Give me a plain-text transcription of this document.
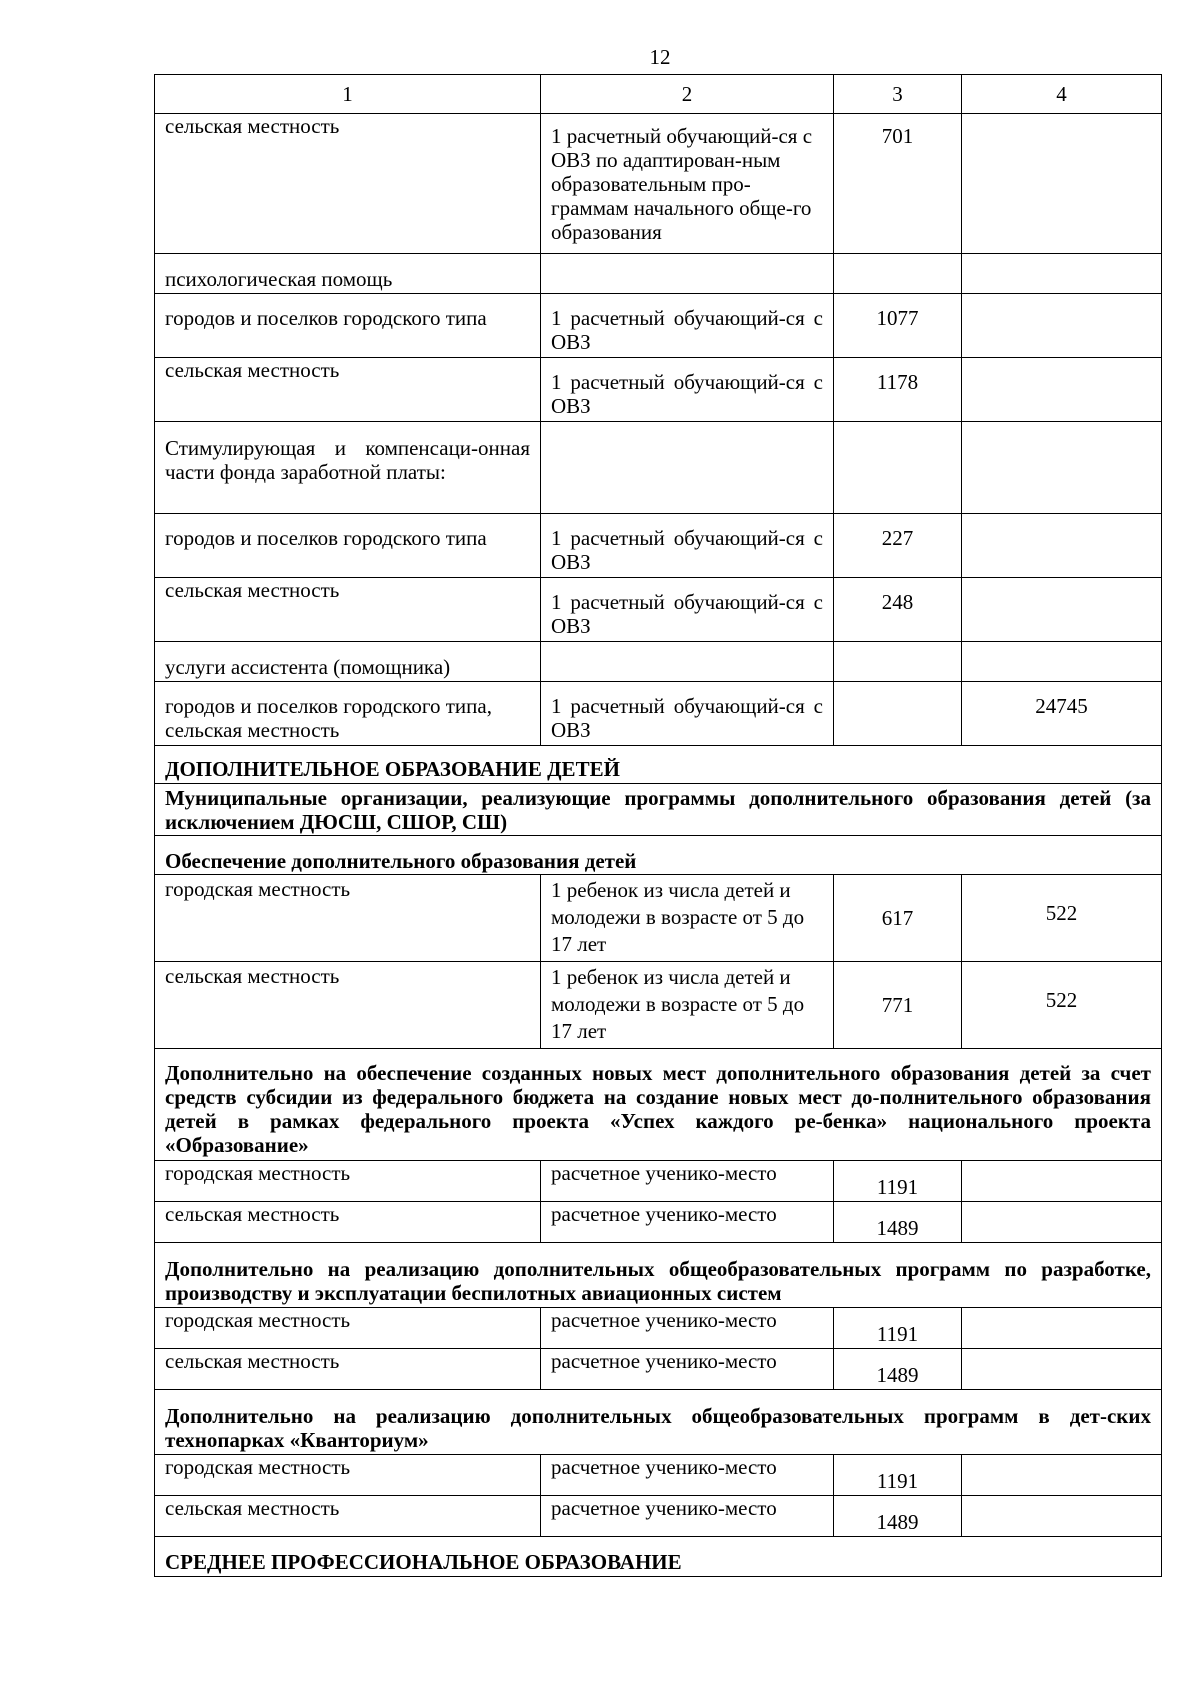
12
1	2	3	4
сельская местность	1 расчетный обучающий-ся с ОВЗ по адаптирован-ным образовательным про-граммам начального обще-го образования	701	
психологическая помощь			
городов и поселков городского типа	1 расчетный обучающий-ся с ОВЗ	1077	
сельская местность	1 расчетный обучающий-ся с ОВЗ	1178	
Стимулирующая и компенсаци-онная части фонда заработной платы:			
городов и поселков городского типа	1 расчетный обучающий-ся с ОВЗ	227	
сельская местность	1 расчетный обучающий-ся с ОВЗ	248	
услуги ассистента (помощника)			
городов и поселков городского типа, сельская местность	1 расчетный обучающий-ся с ОВЗ		24745
ДОПОЛНИТЕЛЬНОЕ ОБРАЗОВАНИЕ ДЕТЕЙ			
Муниципальные организации, реализующие программы дополнительного образования детей (за исключением ДЮСШ, СШОР, СШ)			
Обеспечение дополнительного образования детей			
городская местность	1 ребенок из числа детей и молодежи в возрасте от 5 до 17 лет	617	522
сельская местность	1 ребенок из числа детей и молодежи в возрасте от 5 до 17 лет	771	522
Дополнительно на обеспечение созданных новых мест дополнительного образования детей за счет средств субсидии из федерального бюджета на создание новых мест до-полнительного образования детей в рамках федерального проекта «Успех каждого ре-бенка» национального проекта «Образование»			
городская местность	расчетное ученико-место	1191	
сельская местность	расчетное ученико-место	1489	
Дополнительно на реализацию дополнительных общеобразовательных программ по разработке, производству и эксплуатации беспилотных авиационных систем			
городская местность	расчетное ученико-место	1191	
сельская местность	расчетное ученико-место	1489	
Дополнительно на реализацию дополнительных общеобразовательных программ в дет-ских технопарках «Кванториум»			
городская местность	расчетное ученико-место	1191	
сельская местность	расчетное ученико-место	1489	
СРЕДНЕЕ ПРОФЕССИОНАЛЬНОЕ ОБРАЗОВАНИЕ			
